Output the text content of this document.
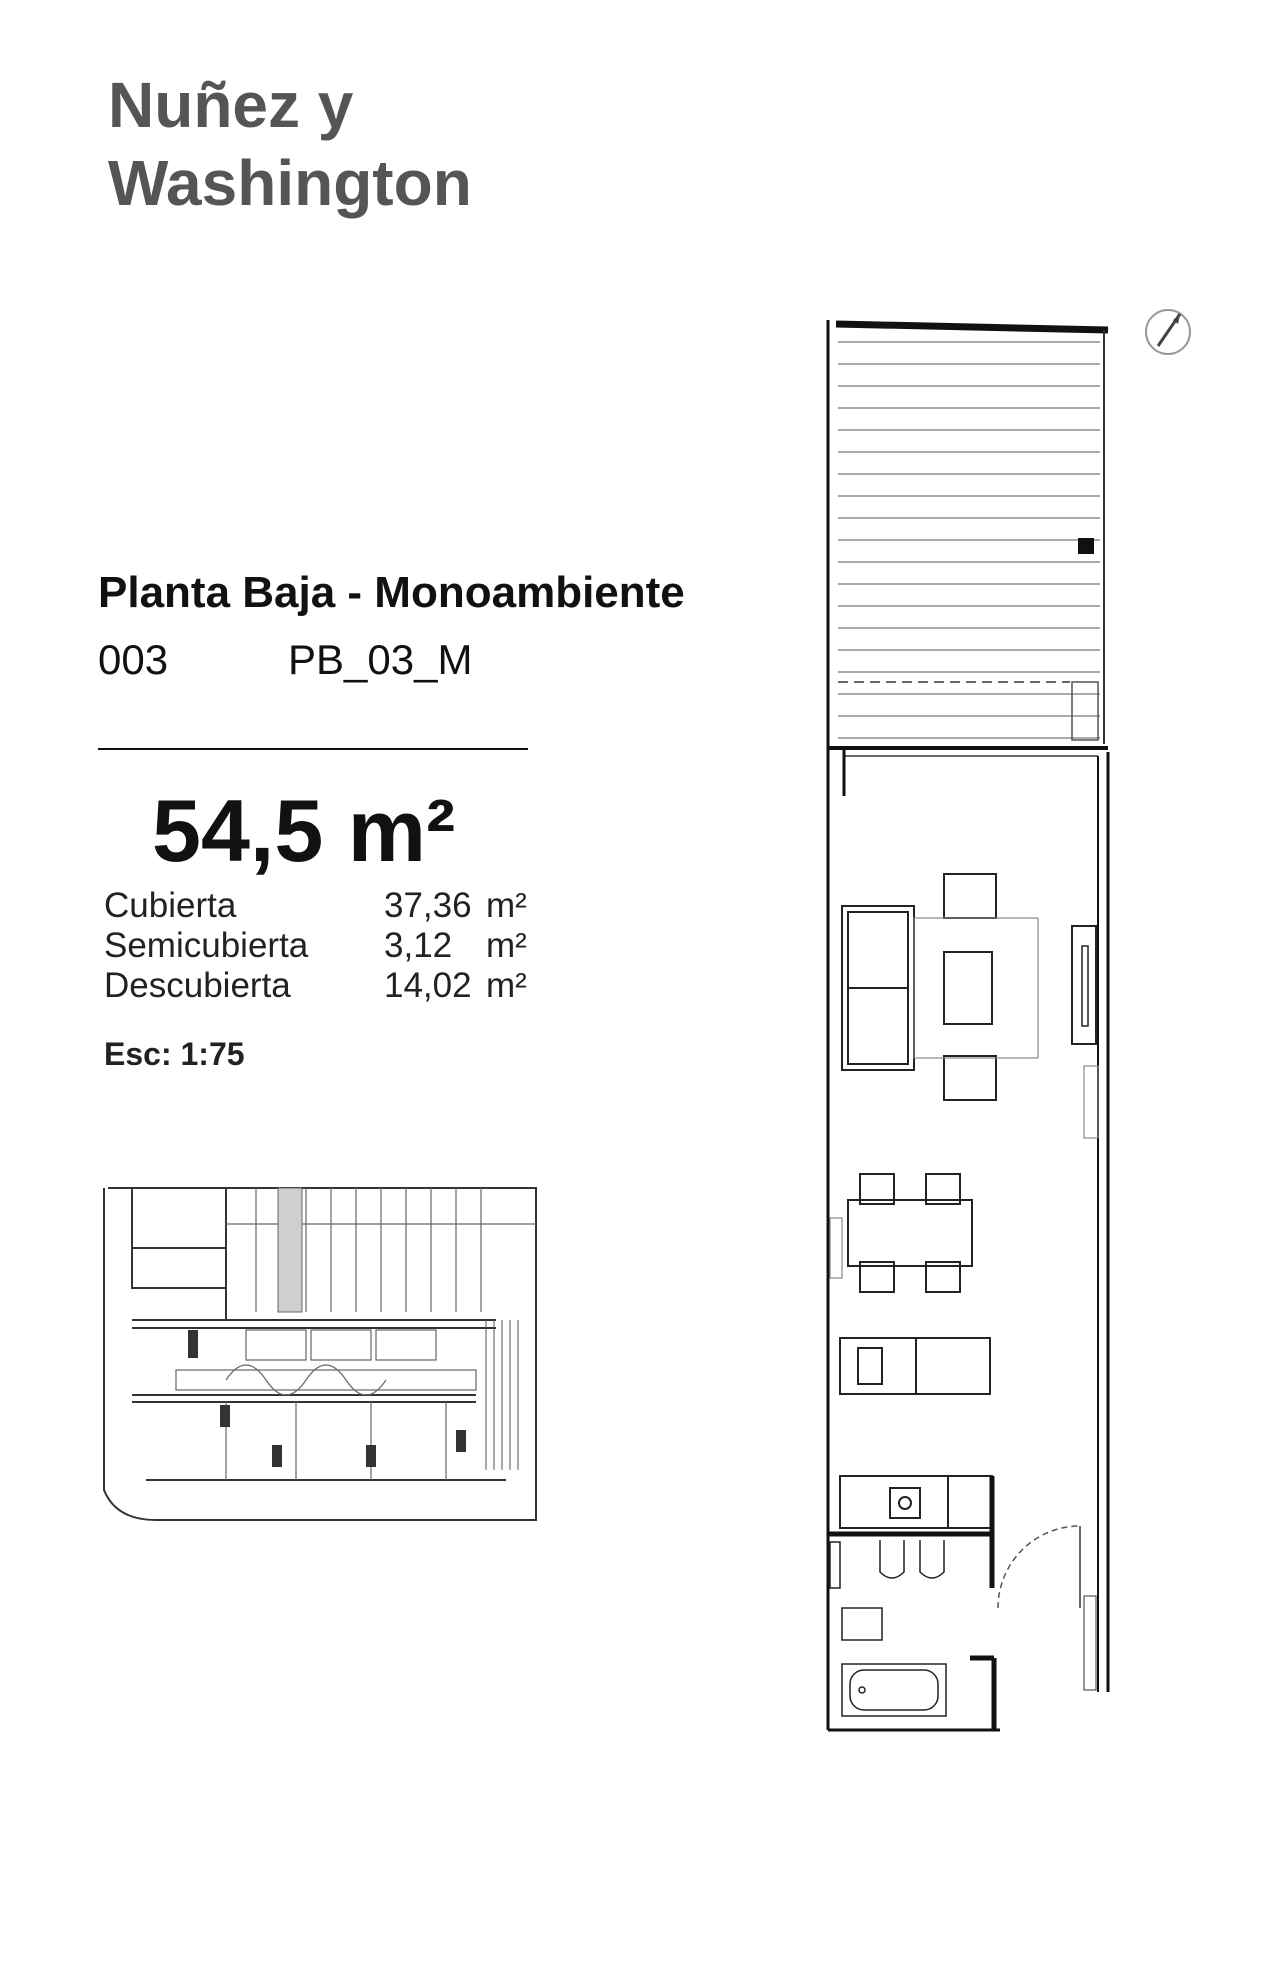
Nuñez y
Washington
Planta Baja - Monoambiente
003	PB_03_M
54,5 m²
Cubierta	37,36 m²
Semicubierta 3,12 m²
Descubierta	14,02 m²
Esc: 1:75
